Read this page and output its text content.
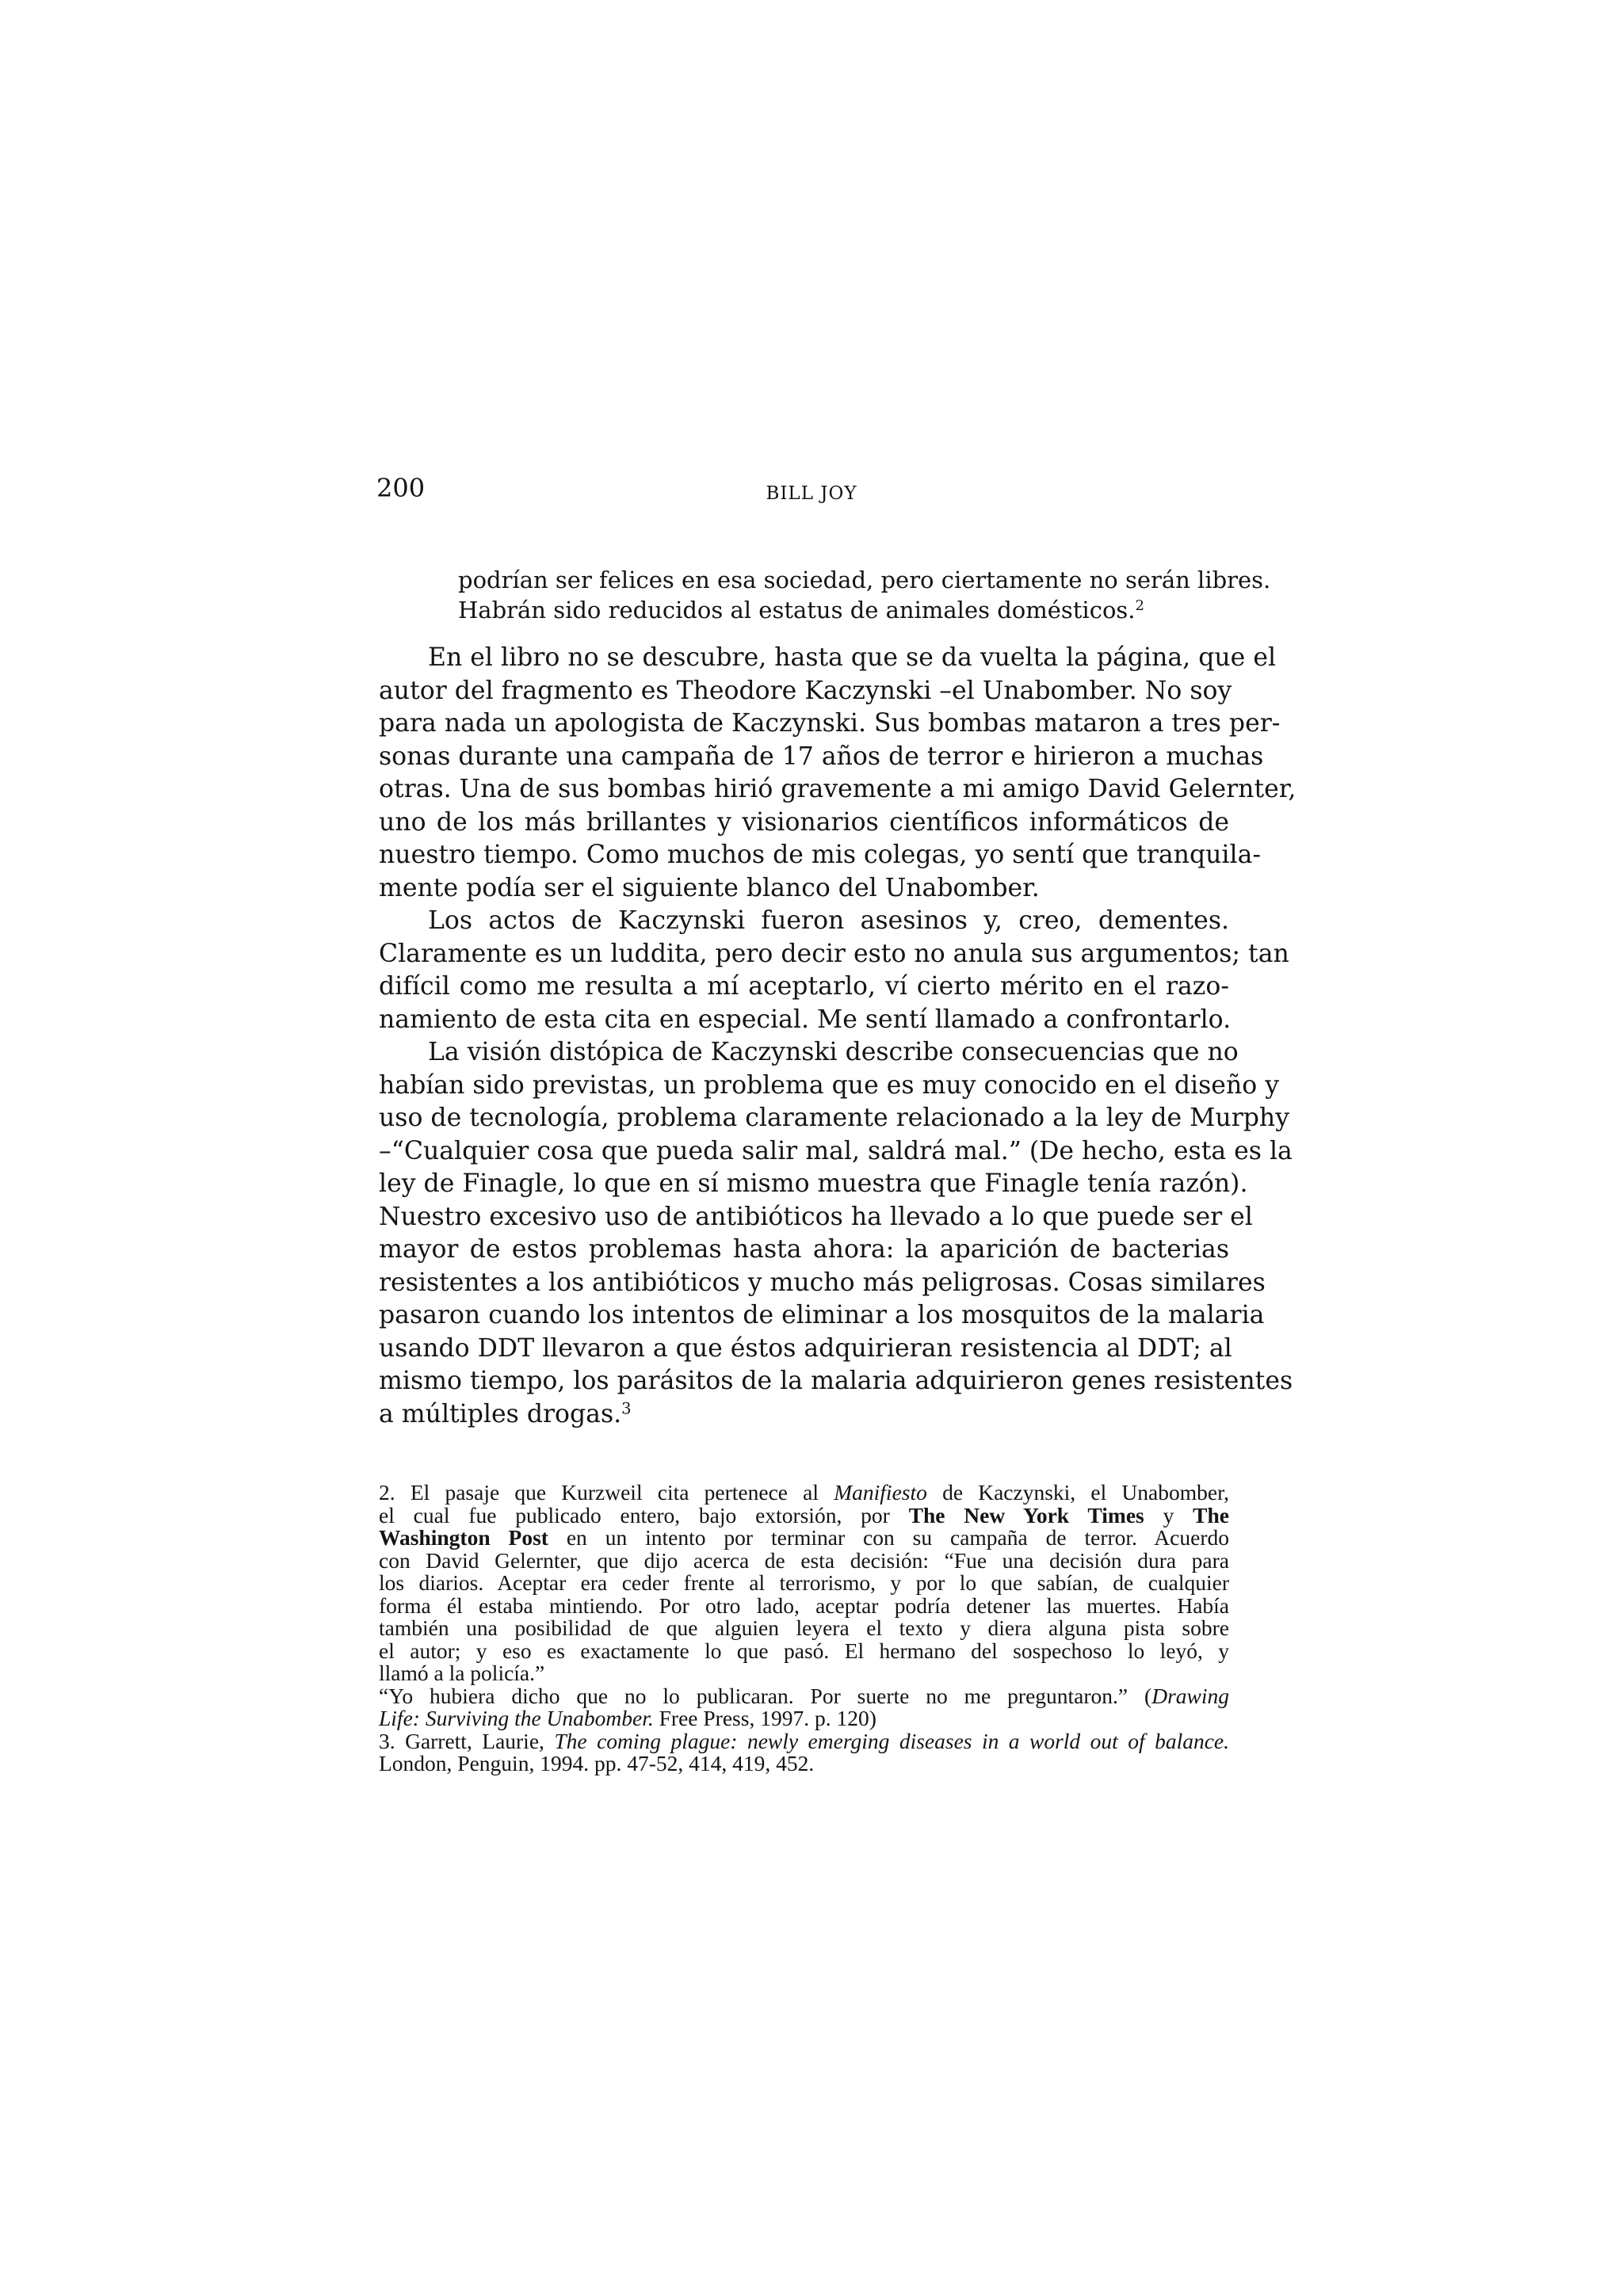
200	BILL JOY

podrían ser felices en esa sociedad, pero ciertamente no serán libres.
Habrán sido reducidos al estatus de animales domésticos.$^2$
En el libro no se descubre, hasta que se da vuelta la página, que el
autor del fragmento es Theodore Kaczynski –el Unabomber. No soy
para nada un apologista de Kaczynski. Sus bombas mataron a tres per-
sonas durante una campaña de 17 años de terror e hirieron a muchas
otras. Una de sus bombas hirió gravemente a mi amigo David Gelernter,
uno de los más brillantes y visionarios científicos informáticos de
nuestro tiempo. Como muchos de mis colegas, yo sentí que tranquila-
mente podía ser el siguiente blanco del Unabomber.
Los actos de Kaczynski fueron asesinos y, creo, dementes.
Claramente es un luddita, pero decir esto no anula sus argumentos; tan
difícil como me resulta a mí aceptarlo, ví cierto mérito en el razo-
namiento de esta cita en especial. Me sentí llamado a confrontarlo.
La visión distópica de Kaczynski describe consecuencias que no
habían sido previstas, un problema que es muy conocido en el diseño y
uso de tecnología, problema claramente relacionado a la ley de Murphy
–“Cualquier cosa que pueda salir mal, saldrá mal.” (De hecho, esta es la
ley de Finagle, lo que en sí mismo muestra que Finagle tenía razón).
Nuestro excesivo uso de antibióticos ha llevado a lo que puede ser el
mayor de estos problemas hasta ahora: la aparición de bacterias
resistentes a los antibióticos y mucho más peligrosas. Cosas similares
pasaron cuando los intentos de eliminar a los mosquitos de la malaria
usando DDT llevaron a que éstos adquirieran resistencia al DDT; al
mismo tiempo, los parásitos de la malaria adquirieron genes resistentes
a múltiples drogas.$^3$
2. El pasaje que Kurzweil cita pertenece al Manifiesto de Kaczynski, el Unabomber,
el cual fue publicado entero, bajo extorsión, por The New York Times y The
Washington Post en un intento por terminar con su campaña de terror. Acuerdo
con David Gelernter, que dijo acerca de esta decisión: “Fue una decisión dura para
los diarios. Aceptar era ceder frente al terrorismo, y por lo que sabían, de cualquier
forma él estaba mintiendo. Por otro lado, aceptar podría detener las muertes. Había
también una posibilidad de que alguien leyera el texto y diera alguna pista sobre
el autor; y eso es exactamente lo que pasó. El hermano del sospechoso lo leyó, y
llamó a la policía.”
“Yo hubiera dicho que no lo publicaran. Por suerte no me preguntaron.” (Drawing
Life: Surviving the Unabomber. Free Press, 1997. p. 120)
3. Garrett, Laurie, The coming plague: newly emerging diseases in a world out of balance.
London, Penguin, 1994. pp. 47-52, 414, 419, 452.
